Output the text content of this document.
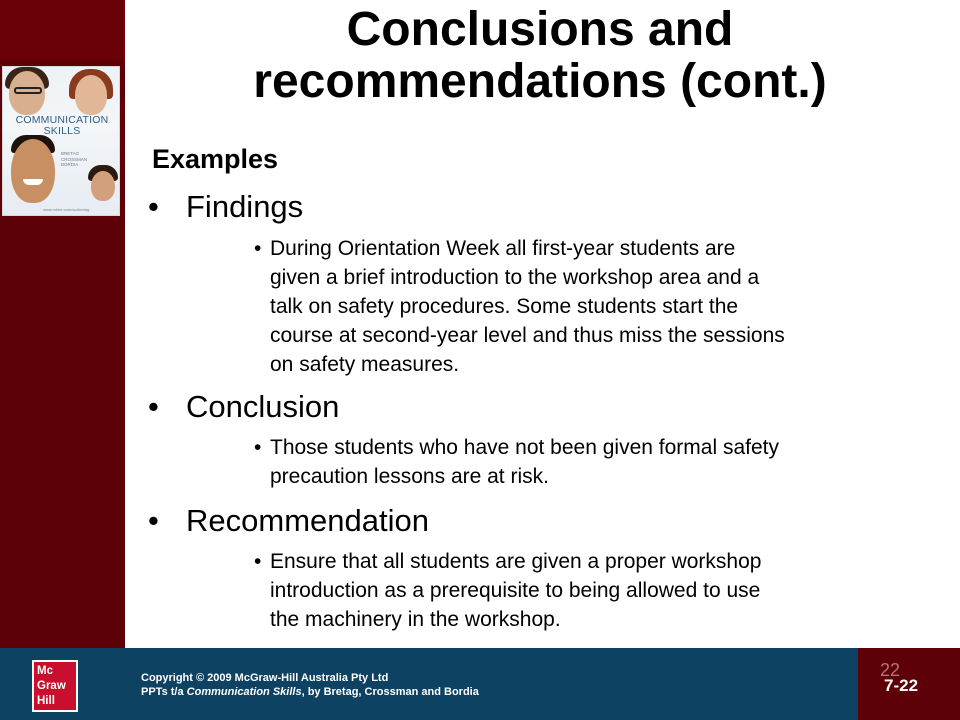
COMMUNICATION
SKILLS
BRETAG
CROSSMAN
BORDIA
www.mhhe.com/au/bretag
Conclusions and
recommendations (cont.)
Examples
• Findings
• During Orientation Week all first-year students are
given a brief introduction to the workshop area and a
talk on safety procedures. Some students start the
course at second-year level and thus miss the sessions
on safety measures.
• Conclusion
• Those students who have not been given formal safety
precaution lessons are at risk.
• Recommendation
• Ensure that all students are given a proper workshop
introduction as a prerequisite to being allowed to use
the machinery in the workshop.
Mc
Graw
Hill
Copyright © 2009 McGraw-Hill Australia Pty Ltd
PPTs t/a Communication Skills, by Bretag, Crossman and Bordia
22
7-22
